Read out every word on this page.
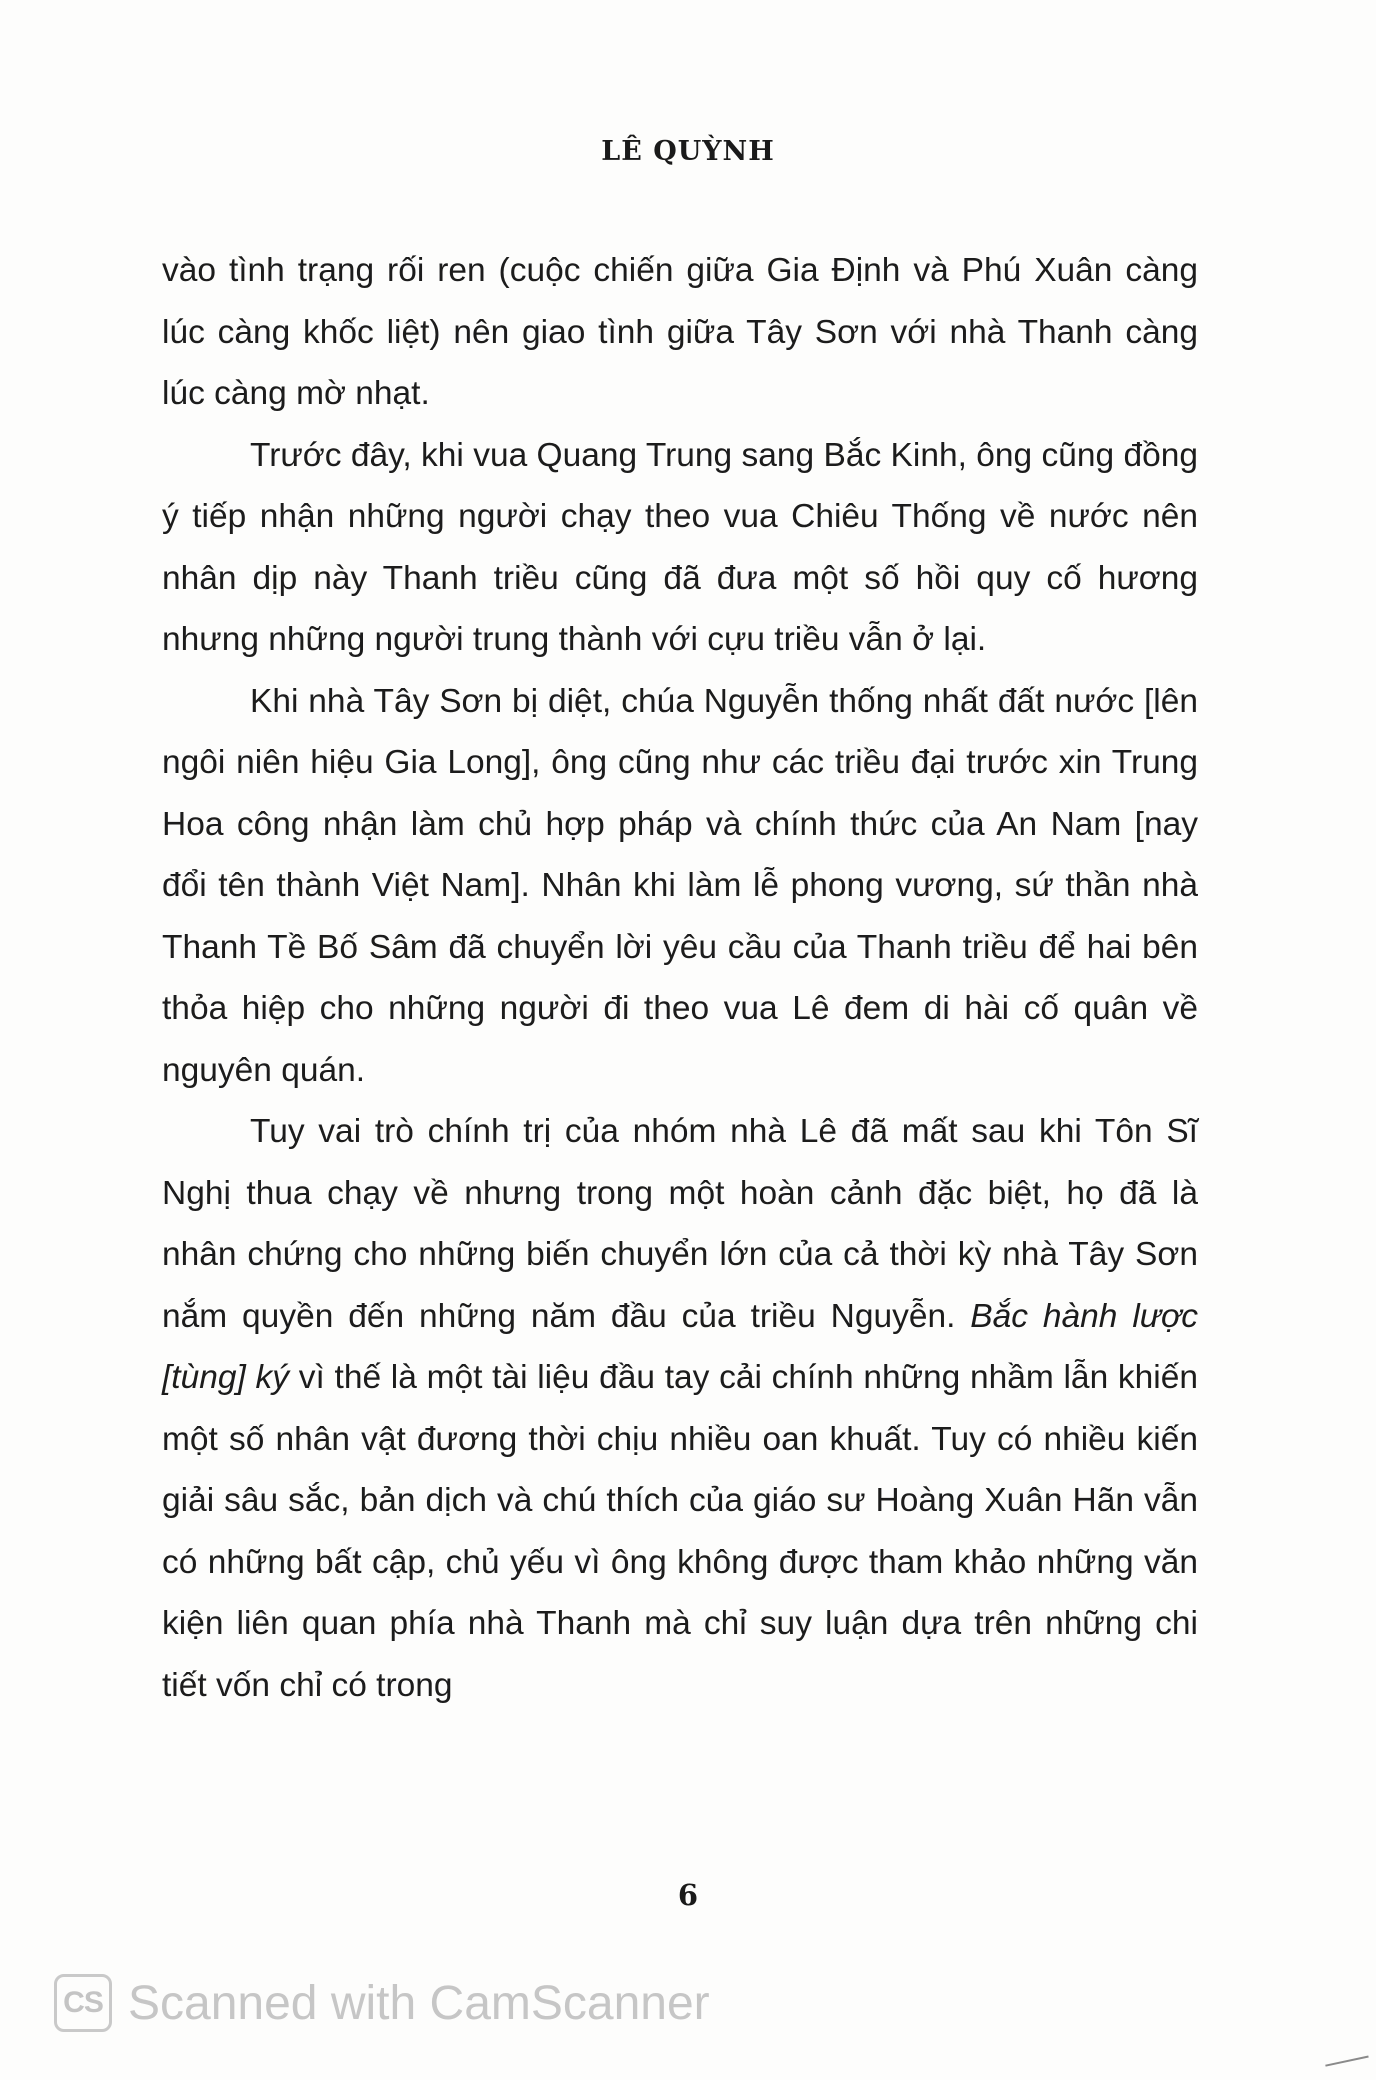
LÊ QUỲNH

vào tình trạng rối ren (cuộc chiến giữa Gia Định và Phú Xuân càng lúc càng khốc liệt) nên giao tình giữa Tây Sơn với nhà Thanh càng lúc càng mờ nhạt.

Trước đây, khi vua Quang Trung sang Bắc Kinh, ông cũng đồng ý tiếp nhận những người chạy theo vua Chiêu Thống về nước nên nhân dịp này Thanh triều cũng đã đưa một số hồi quy cố hương nhưng những người trung thành với cựu triều vẫn ở lại.

Khi nhà Tây Sơn bị diệt, chúa Nguyễn thống nhất đất nước [lên ngôi niên hiệu Gia Long], ông cũng như các triều đại trước xin Trung Hoa công nhận làm chủ hợp pháp và chính thức của An Nam [nay đổi tên thành Việt Nam]. Nhân khi làm lễ phong vương, sứ thần nhà Thanh Tề Bố Sâm đã chuyển lời yêu cầu của Thanh triều để hai bên thỏa hiệp cho những người đi theo vua Lê đem di hài cố quân về nguyên quán.

Tuy vai trò chính trị của nhóm nhà Lê đã mất sau khi Tôn Sĩ Nghị thua chạy về nhưng trong một hoàn cảnh đặc biệt, họ đã là nhân chứng cho những biến chuyển lớn của cả thời kỳ nhà Tây Sơn nắm quyền đến những năm đầu của triều Nguyễn. Bắc hành lược [tùng] ký vì thế là một tài liệu đầu tay cải chính những nhầm lẫn khiến một số nhân vật đương thời chịu nhiều oan khuất. Tuy có nhiều kiến giải sâu sắc, bản dịch và chú thích của giáo sư Hoàng Xuân Hãn vẫn có những bất cập, chủ yếu vì ông không được tham khảo những văn kiện liên quan phía nhà Thanh mà chỉ suy luận dựa trên những chi tiết vốn chỉ có trong

6
CS Scanned with CamScanner
